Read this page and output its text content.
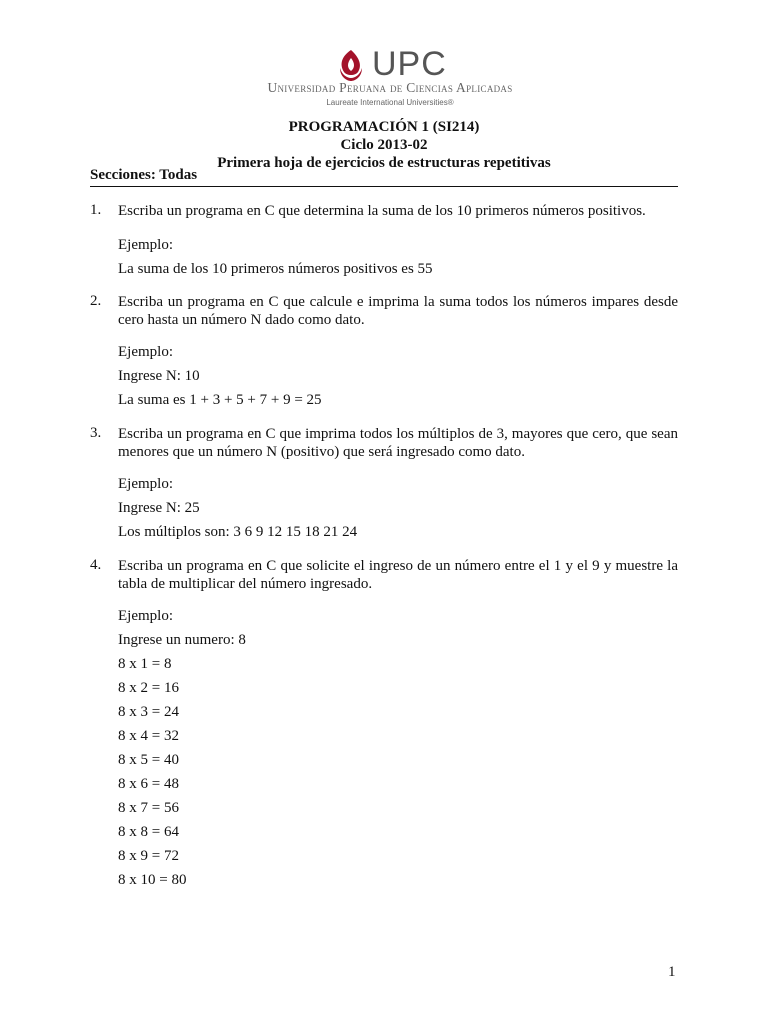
UPC
Universidad Peruana de Ciencias Aplicadas
Laureate International Universities®
PROGRAMACIÓN 1 (SI214)
Ciclo 2013-02
Primera hoja de ejercicios de estructuras repetitivas
Secciones: Todas
1. Escriba un programa en C que determina la suma de los 10 primeros números positivos.
Ejemplo:
La suma de los 10 primeros números positivos es 55
2. Escriba un programa en C que calcule e imprima la suma todos los números impares desde cero hasta un número N dado como dato.
Ejemplo:
Ingrese N: 10
La suma es 1 + 3 + 5 + 7 + 9 = 25
3. Escriba un programa en C que imprima todos los múltiplos de 3, mayores que cero, que sean menores que un número N (positivo) que será ingresado como dato.
Ejemplo:
Ingrese N: 25
Los múltiplos son: 3 6 9 12 15 18 21 24
4. Escriba un programa en C que solicite el ingreso de un número entre el 1 y el 9 y muestre la tabla de multiplicar del número ingresado.
Ejemplo:
Ingrese un numero: 8
8 x 1 = 8
8 x 2 = 16
8 x 3 = 24
8 x 4 = 32
8 x 5 = 40
8 x 6 = 48
8 x 7 = 56
8 x 8 = 64
8 x 9 = 72
8 x 10 = 80
1
